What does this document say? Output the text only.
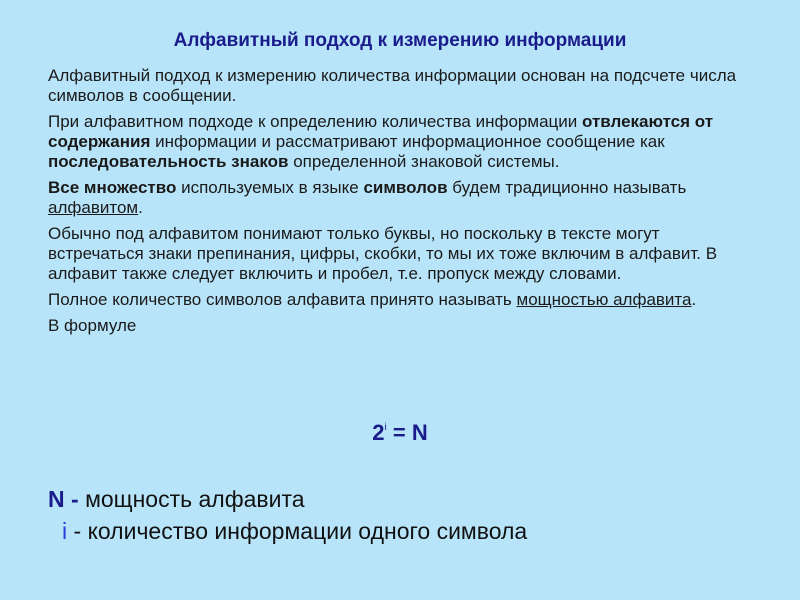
Алфавитный подход к измерению информации

Алфавитный подход к измерению количества информации основан на подсчете числа символов в сообщении.

При алфавитном подходе к определению количества информации отвлекаются от содержания информации и рассматривают информационное сообщение как последовательность знаков определенной знаковой системы.

Все множество используемых в языке символов будем традиционно называть алфавитом.

Обычно под алфавитом понимают только буквы, но поскольку в тексте могут встречаться знаки препинания, цифры, скобки, то мы их тоже включим в алфавит. В алфавит также следует включить и пробел, т.е. пропуск между словами.

Полное количество символов алфавита принято называть мощностью алфавита.

В формуле

$2^i = N$
N - мощность алфавита
i - количество информации одного символа
